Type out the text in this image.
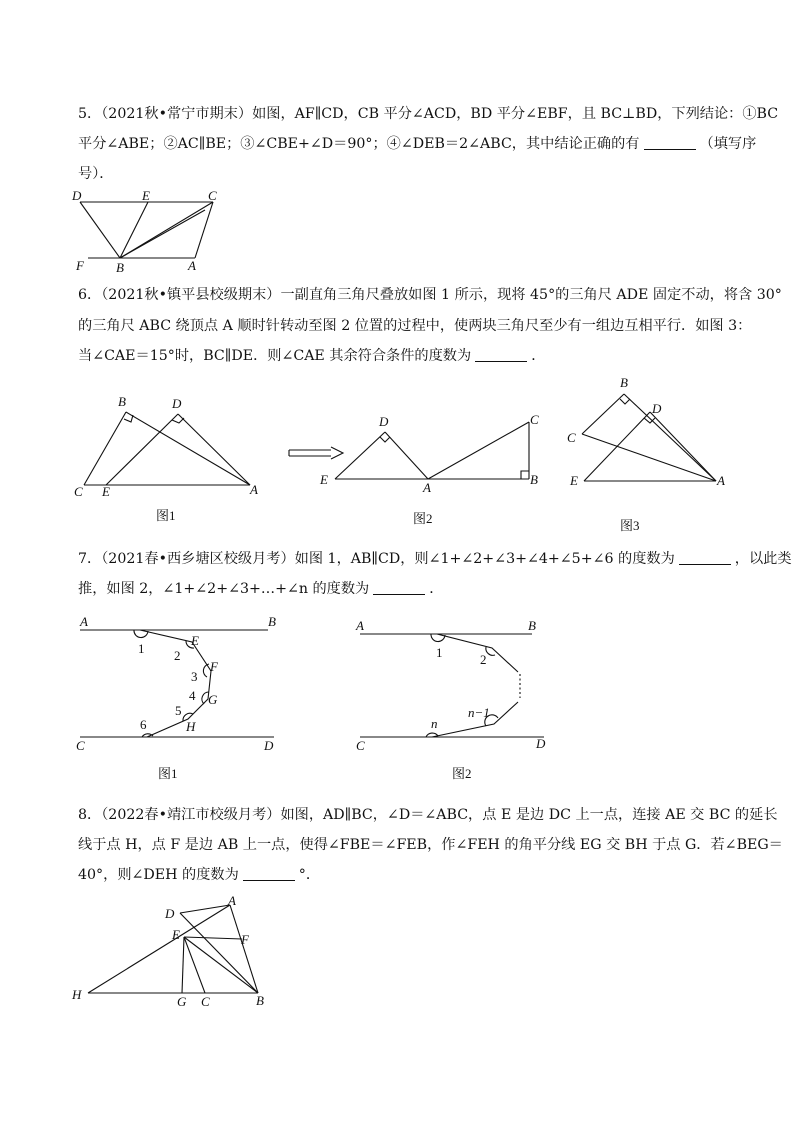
5．（2021秋•常宁市期末）如图，AF∥CD，CB 平分∠ACD，BD 平分∠EBF，且 BC⊥BD，下列结论：①BC
平分∠ABE；②AC∥BE；③∠CBE+∠D＝90°；④∠DEB＝2∠ABC，其中结论正确的有	（填写序
号）．
D	E	C
F B	A
6．（2021秋•镇平县校级期末）一副直角三角尺叠放如图 1 所示，现将 45°的三角尺 ADE 固定不动，将含 30°
的三角尺 ABC 绕顶点 A 顺时针转动至图 2 位置的过程中，使两块三角尺至少有一组边互相平行．如图 3：
当∠CAE＝15°时，BC∥DE．则∠CAE 其余符合条件的度数为	．
B	D
C E	A
图1
D	C
E
A
B
图2
B
D
C
E	A
图3
7．（2021春•西乡塘区校级月考）如图 1，AB∥CD，则∠1+∠2+∠3+∠4+∠5+∠6 的度数为	，以此类
推，如图 2，∠1+∠2+∠3+…+∠n 的度数为	．
A	B
C	D
E
F
G
H
1 2
3
4
5
6
图1
A	B
C	D
1	2
n
n−1
图2
8．（2022春•靖江市校级月考）如图，AD∥BC，∠D＝∠ABC，点 E 是边 DC 上一点，连接 AE 交 BC 的延长
线于点 H，点 F 是边 AB 上一点，使得∠FBE＝∠FEB，作∠FEH 的角平分线 EG 交 BH 于点 G．若∠BEG＝
40°，则∠DEH 的度数为	°．
D
A
E	F
H	G C	B
